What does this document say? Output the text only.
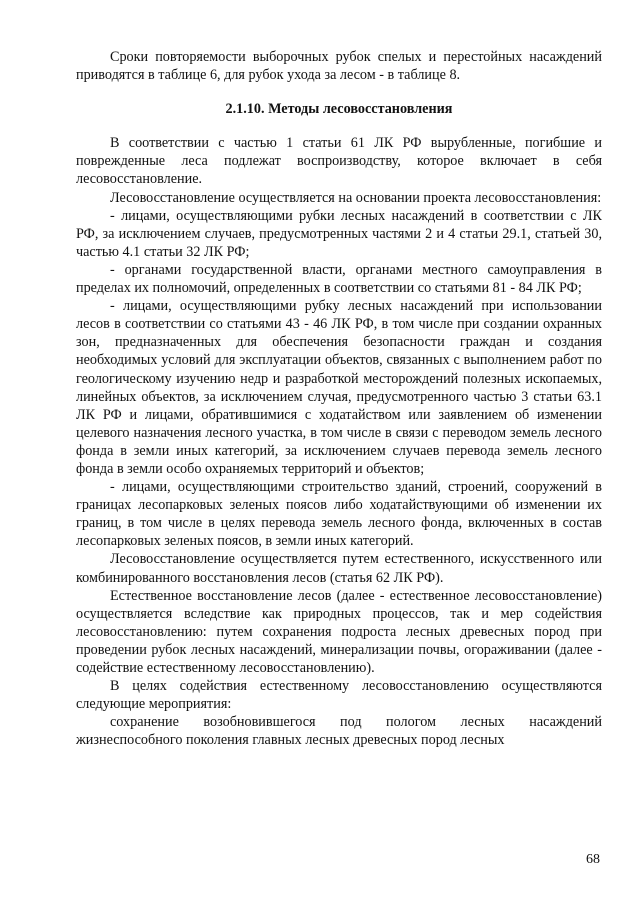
Сроки повторяемости выборочных рубок спелых и перестойных насаждений приводятся в таблице 6, для рубок ухода за лесом - в таблице 8.

2.1.10. Методы лесовосстановления

В соответствии с частью 1 статьи 61 ЛК РФ вырубленные, погибшие и поврежденные леса подлежат воспроизводству, которое включает в себя лесовосстановление.

Лесовосстановление осуществляется на основании проекта лесовосстановления:

- лицами, осуществляющими рубки лесных насаждений в соответствии с ЛК РФ, за исключением случаев, предусмотренных частями 2 и 4 статьи 29.1, статьей 30, частью 4.1 статьи 32 ЛК РФ;

- органами государственной власти, органами местного самоуправления в пределах их полномочий, определенных в соответствии со статьями 81 - 84 ЛК РФ;

- лицами, осуществляющими рубку лесных насаждений при использовании лесов в соответствии со статьями 43 - 46 ЛК РФ, в том числе при создании охранных зон, предназначенных для обеспечения безопасности граждан и создания необходимых условий для эксплуатации объектов, связанных с выполнением работ по геологическому изучению недр и разработкой месторождений полезных ископаемых, линейных объектов, за исключением случая, предусмотренного частью 3 статьи 63.1 ЛК РФ и лицами, обратившимися с ходатайством или заявлением об изменении целевого назначения лесного участка, в том числе в связи с переводом земель лесного фонда в земли иных категорий, за исключением случаев перевода земель лесного фонда в земли особо охраняемых территорий и объектов;

- лицами, осуществляющими строительство зданий, строений, сооружений в границах лесопарковых зеленых поясов либо ходатайствующими об изменении их границ, в том числе в целях перевода земель лесного фонда, включенных в состав лесопарковых зеленых поясов, в земли иных категорий.

Лесовосстановление осуществляется путем естественного, искусственного или комбинированного восстановления лесов (статья 62 ЛК РФ).

Естественное восстановление лесов (далее - естественное лесовосстановление) осуществляется вследствие как природных процессов, так и мер содействия лесовосстановлению: путем сохранения подроста лесных древесных пород при проведении рубок лесных насаждений, минерализации почвы, огораживании (далее - содействие естественному лесовосстановлению).

В целях содействия естественному лесовосстановлению осуществляются следующие мероприятия:

сохранение возобновившегося под пологом лесных насаждений жизнеспособного поколения главных лесных древесных пород лесных

68
